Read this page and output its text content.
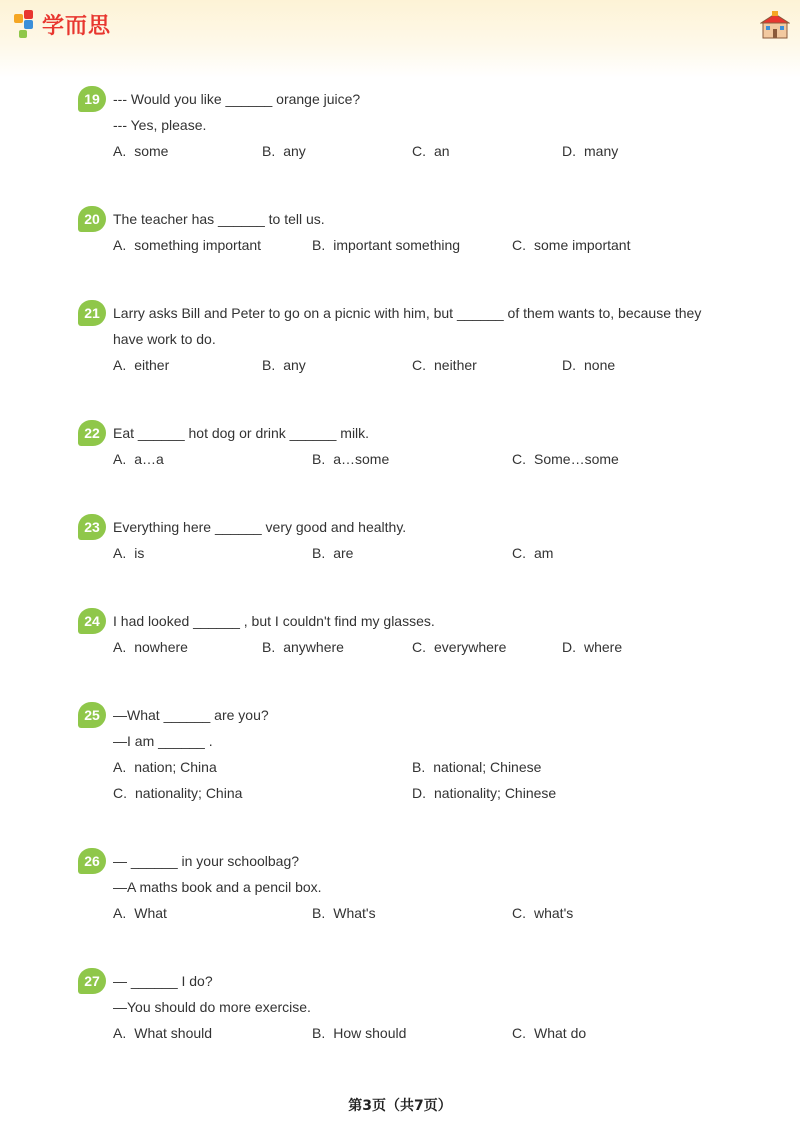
学而思
19 --- Would you like ______ orange juice?
--- Yes, please.
A. some	B. any	C. an	D. many
20 The teacher has ______ to tell us.
A. something important	B. important something	C. some important
21 Larry asks Bill and Peter to go on a picnic with him, but ______ of them wants to, because they
have work to do.
A. either	B. any	C. neither	D. none
22 Eat ______ hot dog or drink ______ milk.
A. a…a	B. a…some	C. Some…some
23 Everything here ______ very good and healthy.
A. is	B. are	C. am
24 I had looked ______ , but I couldn't find my glasses.
A. nowhere	B. anywhere	C. everywhere	D. where
25 —What ______ are you?
—I am ______ .
A. nation; China	B. national; Chinese
C. nationality; China	D. nationality; Chinese
26 — ______ in your schoolbag?
—A maths book and a pencil box.
A. What	B. What's	C. what's
27 — ______ I do?
—You should do more exercise.
A. What should	B. How should	C. What do
第3页（共7页）
